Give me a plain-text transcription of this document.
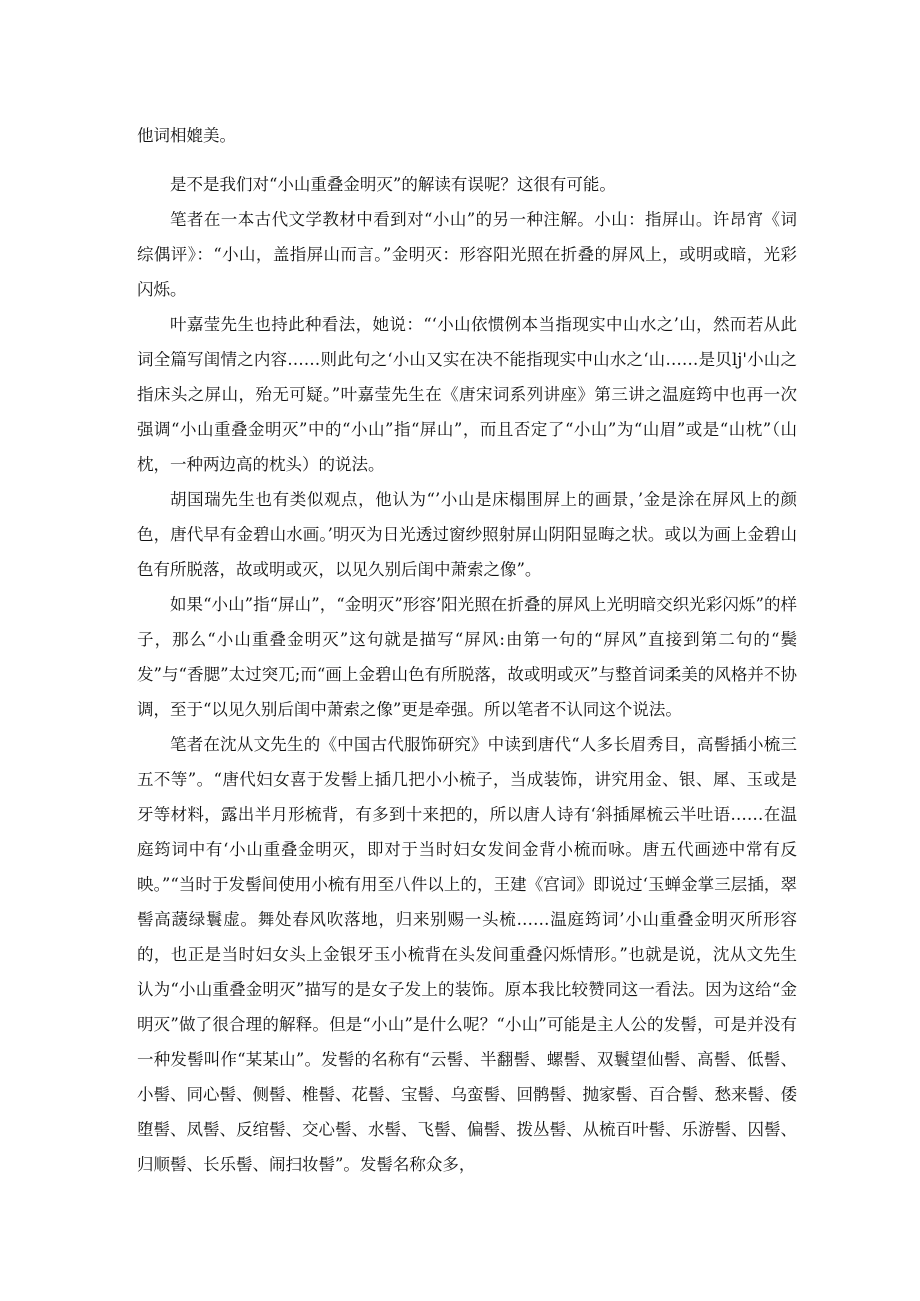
他词相媲美。

是不是我们对“小山重叠金明灭”的解读有误呢？这很有可能。

笔者在一本古代文学教材中看到对“小山”的另一种注解。小山：指屏山。许昂宵《词综偶评》：“小山，盖指屏山而言。”金明灭：形容阳光照在折叠的屏风上，或明或暗，光彩闪烁。

叶嘉莹先生也持此种看法，她说：“‘小山依惯例本当指现实中山水之’山，然而若从此词全篇写闺情之内容……则此句之‘小山又实在决不能指现实中山水之‘山……是贝lj'小山之指床头之屏山，殆无可疑。”叶嘉莹先生在《唐宋词系列讲座》第三讲之温庭筠中也再一次强调“小山重叠金明灭”中的“小山”指“屏山”，而且否定了“小山”为“山眉”或是“山枕”（山枕，一种两边高的枕头）的说法。

胡国瑞先生也有类似观点，他认为“’小山是床榻围屏上的画景，’金是涂在屏风上的颜色，唐代早有金碧山水画。’明灭为日光透过窗纱照射屏山阴阳显晦之状。或以为画上金碧山色有所脱落，故或明或灭，以见久别后闺中萧索之像”。

如果“小山”指“屏山”，“金明灭”形容’阳光照在折叠的屏风上光明暗交织光彩闪烁”的样子，那么“小山重叠金明灭”这句就是描写“屏风:由第一句的“屏风”直接到第二句的“鬓发”与“香腮”太过突兀;而“画上金碧山色有所脱落，故或明或灭”与整首词柔美的风格并不协调，至于“以见久别后闺中萧索之像”更是牵强。所以笔者不认同这个说法。

笔者在沈从文先生的《中国古代服饰研究》中读到唐代“人多长眉秀目，高髻插小梳三五不等”。“唐代妇女喜于发髻上插几把小小梳子，当成装饰，讲究用金、银、犀、玉或是牙等材料，露出半月形梳背，有多到十来把的，所以唐人诗有‘斜插犀梳云半吐语……在温庭筠词中有‘小山重叠金明灭，即对于当时妇女发间金背小梳而咏。唐五代画迹中常有反映。”“当时于发髻间使用小梳有用至八件以上的，王建《宫词》即说过‘玉蝉金掌三层插，翠髻高蘐绿鬟虚。舞处春风吹落地，归来别赐一头梳……温庭筠词’小山重叠金明灭所形容的，也正是当时妇女头上金银牙玉小梳背在头发间重叠闪烁情形。”也就是说，沈从文先生认为“小山重叠金明灭”描写的是女子发上的装饰。原本我比较赞同这一看法。因为这给“金明灭”做了很合理的解释。但是“小山”是什么呢？“小山”可能是主人公的发髻，可是并没有一种发髻叫作“某某山”。发髻的名称有“云髻、半翻髻、螺髻、双鬟望仙髻、高髻、低髻、小髻、同心髻、侧髻、椎髻、花髻、宝髻、乌蛮髻、回鹘髻、抛家髻、百合髻、愁来髻、倭堕髻、凤髻、反绾髻、交心髻、水髻、飞髻、偏髻、拨丛髻、从梳百叶髻、乐游髻、囚髻、归顺髻、长乐髻、闹扫妆髻”。发髻名称众多，
